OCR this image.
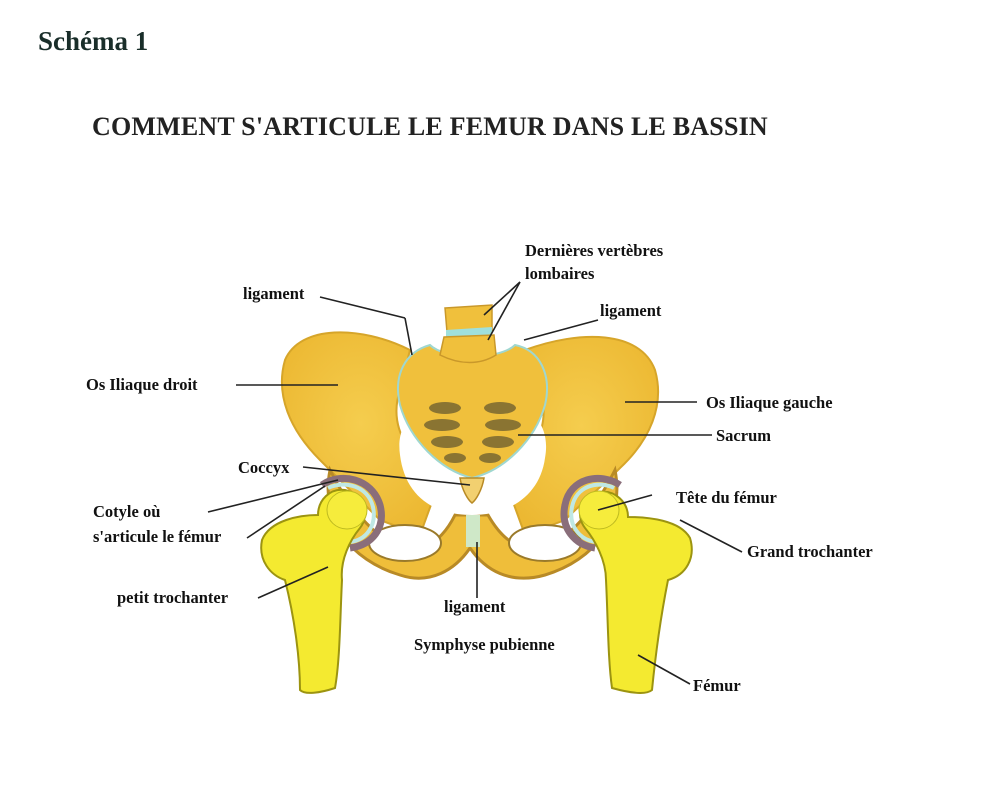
Schéma 1
COMMENT S'ARTICULE LE FEMUR DANS LE BASSIN
Dernières vertèbres
lombaires
ligament
ligament
Os Iliaque droit
Os Iliaque gauche
Sacrum
Coccyx
Cotyle où
s'articule le fémur
Tête du fémur
Grand trochanter
petit trochanter	ligament
Symphyse pubienne
Fémur
